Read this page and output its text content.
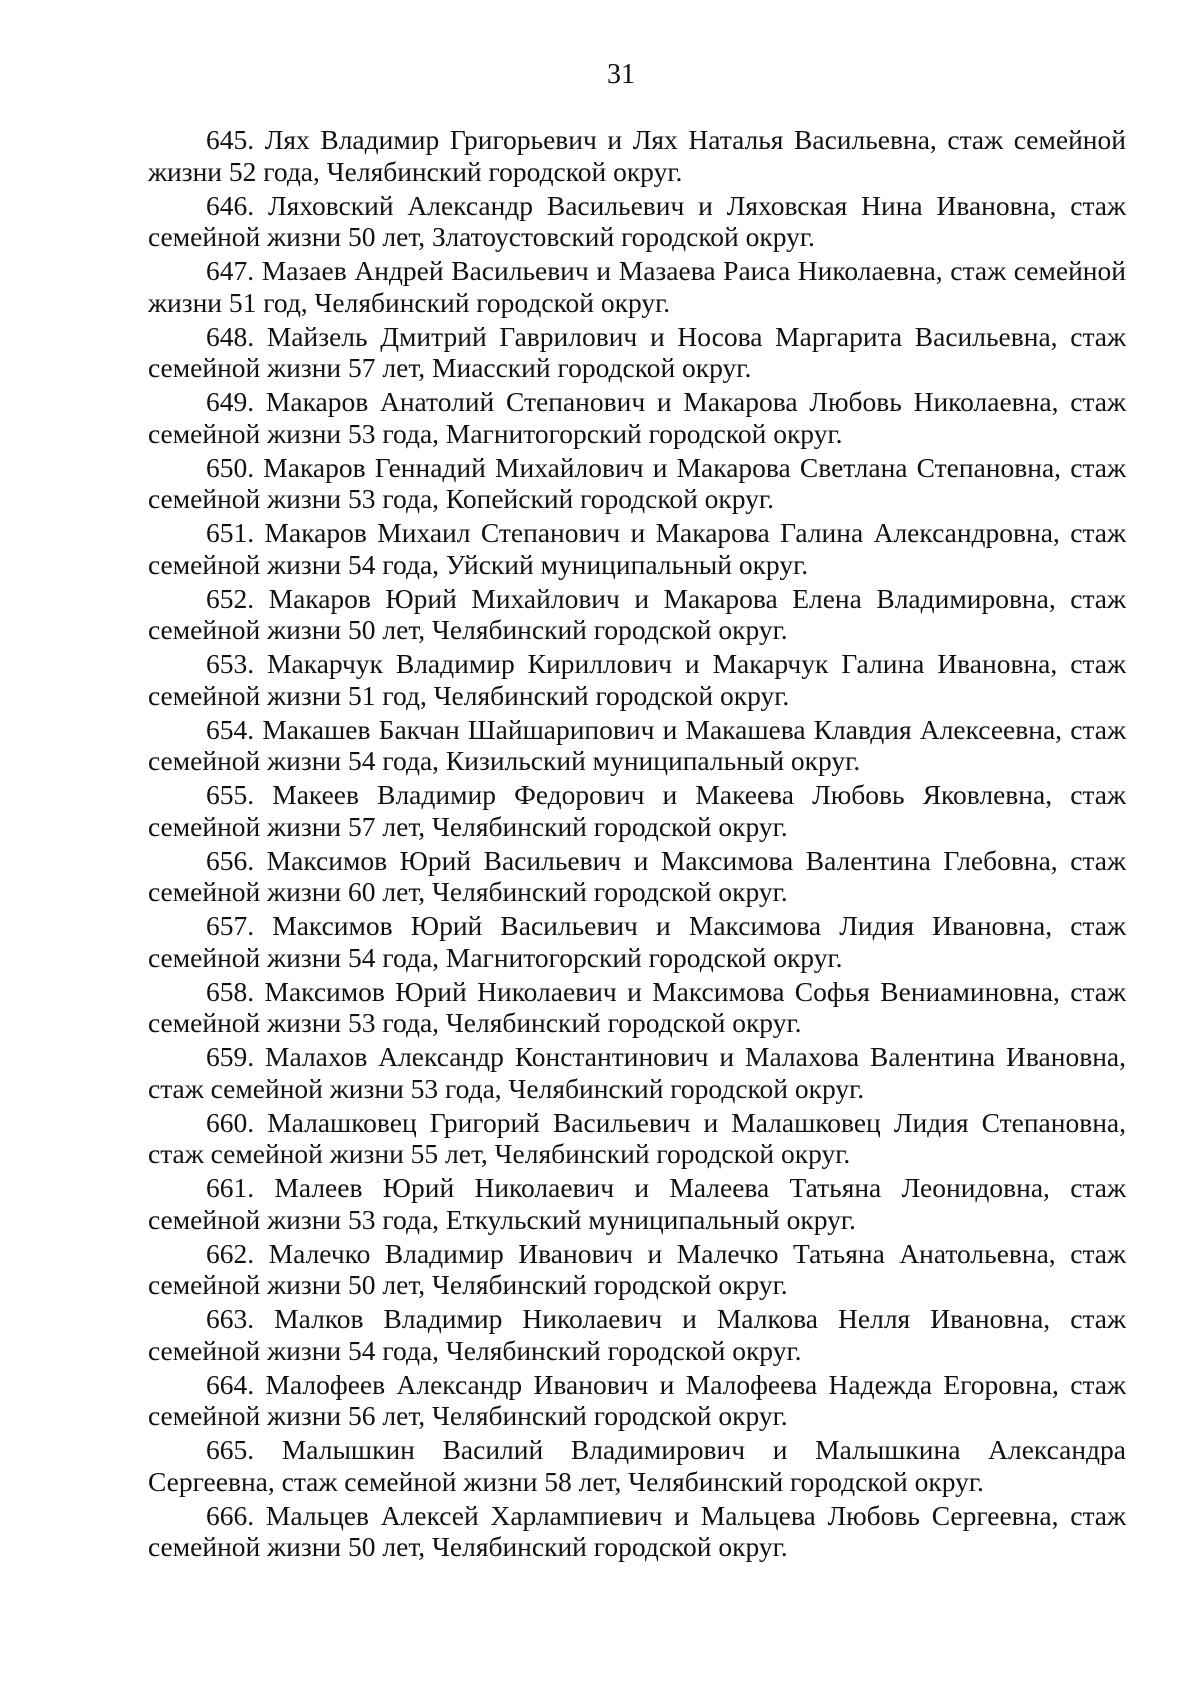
31
645. Лях Владимир Григорьевич и Лях Наталья Васильевна, стаж семейной жизни 52 года, Челябинский городской округ.
646. Ляховский Александр Васильевич и Ляховская Нина Ивановна, стаж семейной жизни 50 лет, Златоустовский городской округ.
647. Мазаев Андрей Васильевич и Мазаева Раиса Николаевна, стаж семейной жизни 51 год, Челябинский городской округ.
648. Майзель Дмитрий Гаврилович и Носова Маргарита Васильевна, стаж семейной жизни 57 лет, Миасский городской округ.
649. Макаров Анатолий Степанович и Макарова Любовь Николаевна, стаж семейной жизни 53 года, Магнитогорский городской округ.
650. Макаров Геннадий Михайлович и Макарова Светлана Степановна, стаж семейной жизни 53 года, Копейский городской округ.
651. Макаров Михаил Степанович и Макарова Галина Александровна, стаж семейной жизни 54 года, Уйский муниципальный округ.
652. Макаров Юрий Михайлович и Макарова Елена Владимировна, стаж семейной жизни 50 лет, Челябинский городской округ.
653. Макарчук Владимир Кириллович и Макарчук Галина Ивановна, стаж семейной жизни 51 год, Челябинский городской округ.
654. Макашев Бакчан Шайшарипович и Макашева Клавдия Алексеевна, стаж семейной жизни 54 года, Кизильский муниципальный округ.
655. Макеев Владимир Федорович и Макеева Любовь Яковлевна, стаж семейной жизни 57 лет, Челябинский городской округ.
656. Максимов Юрий Васильевич и Максимова Валентина Глебовна, стаж семейной жизни 60 лет, Челябинский городской округ.
657. Максимов Юрий Васильевич и Максимова Лидия Ивановна, стаж семейной жизни 54 года, Магнитогорский городской округ.
658. Максимов Юрий Николаевич и Максимова Софья Вениаминовна, стаж семейной жизни 53 года, Челябинский городской округ.
659. Малахов Александр Константинович и Малахова Валентина Ивановна, стаж семейной жизни 53 года, Челябинский городской округ.
660. Малашковец Григорий Васильевич и Малашковец Лидия Степановна, стаж семейной жизни 55 лет, Челябинский городской округ.
661. Малеев Юрий Николаевич и Малеева Татьяна Леонидовна, стаж семейной жизни 53 года, Еткульский муниципальный округ.
662. Малечко Владимир Иванович и Малечко Татьяна Анатольевна, стаж семейной жизни 50 лет, Челябинский городской округ.
663. Малков Владимир Николаевич и Малкова Нелля Ивановна, стаж семейной жизни 54 года, Челябинский городской округ.
664. Малофеев Александр Иванович и Малофеева Надежда Егоровна, стаж семейной жизни 56 лет, Челябинский городской округ.
665. Малышкин Василий Владимирович и Малышкина Александра Сергеевна, стаж семейной жизни 58 лет, Челябинский городской округ.
666. Мальцев Алексей Харлампиевич и Мальцева Любовь Сергеевна, стаж семейной жизни 50 лет, Челябинский городской округ.
